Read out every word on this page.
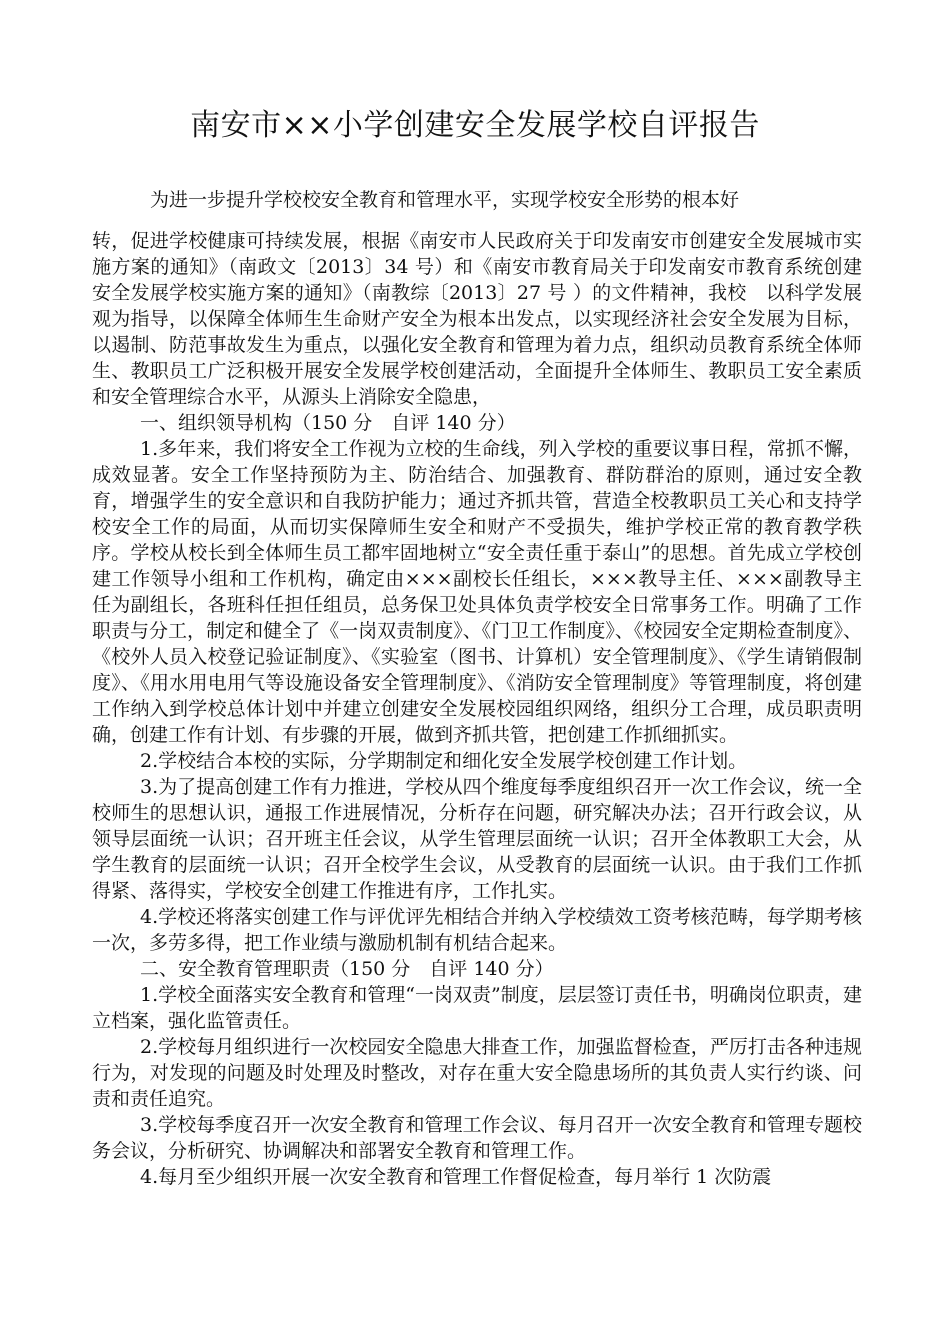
南安市××小学创建安全发展学校自评报告
为进一步提升学校校安全教育和管理水平，实现学校安全形势的根本好

转，促进学校健康可持续发展，根据《南安市人民政府关于印发南安市创建安全发展城市实施方案的通知》（南政文〔2013〕34 号）和《南安市教育局关于印发南安市教育系统创建安全发展学校实施方案的通知》（南教综〔2013〕27 号 ）的文件精神，我校　以科学发展观为指导，以保障全体师生生命财产安全为根本出发点，以实现经济社会安全发展为目标，以遏制、防范事故发生为重点，以强化安全教育和管理为着力点，组织动员教育系统全体师生、教职员工广泛积极开展安全发展学校创建活动，全面提升全体师生、教职员工安全素质和安全管理综合水平，从源头上消除安全隐患，

一、组织领导机构（150 分　自评 140 分）

1.多年来，我们将安全工作视为立校的生命线，列入学校的重要议事日程，常抓不懈，成效显著。安全工作坚持预防为主、防治结合、加强教育、群防群治的原则，通过安全教育，增强学生的安全意识和自我防护能力；通过齐抓共管，营造全校教职员工关心和支持学校安全工作的局面，从而切实保障师生安全和财产不受损失，维护学校正常的教育教学秩序。学校从校长到全体师生员工都牢固地树立“安全责任重于泰山”的思想。首先成立学校创建工作领导小组和工作机构，确定由×××副校长任组长，×××教导主任、×××副教导主任为副组长，各班科任担任组员，总务保卫处具体负责学校安全日常事务工作。明确了工作职责与分工，制定和健全了《一岗双责制度》、《门卫工作制度》、《校园安全定期检查制度》、《校外人员入校登记验证制度》、《实验室（图书、计算机）安全管理制度》、《学生请销假制度》、《用水用电用气等设施设备安全管理制度》、《消防安全管理制度》等管理制度，将创建工作纳入到学校总体计划中并建立创建安全发展校园组织网络，组织分工合理，成员职责明确，创建工作有计划、有步骤的开展，做到齐抓共管，把创建工作抓细抓实。

2.学校结合本校的实际，分学期制定和细化安全发展学校创建工作计划。

3.为了提高创建工作有力推进，学校从四个维度每季度组织召开一次工作会议，统一全校师生的思想认识，通报工作进展情况，分析存在问题，研究解决办法；召开行政会议，从领导层面统一认识；召开班主任会议，从学生管理层面统一认识；召开全体教职工大会，从学生教育的层面统一认识；召开全校学生会议，从受教育的层面统一认识。由于我们工作抓得紧、落得实，学校安全创建工作推进有序，工作扎实。

4.学校还将落实创建工作与评优评先相结合并纳入学校绩效工资考核范畴，每学期考核一次，多劳多得，把工作业绩与激励机制有机结合起来。

二、安全教育管理职责（150 分　自评 140 分）

1.学校全面落实安全教育和管理“一岗双责”制度，层层签订责任书，明确岗位职责，建立档案，强化监管责任。

2.学校每月组织进行一次校园安全隐患大排查工作，加强监督检查，严厉打击各种违规行为，对发现的问题及时处理及时整改，对存在重大安全隐患场所的其负责人实行约谈、问责和责任追究。

3.学校每季度召开一次安全教育和管理工作会议、每月召开一次安全教育和管理专题校务会议，分析研究、协调解决和部署安全教育和管理工作。

4.每月至少组织开展一次安全教育和管理工作督促检查，每月举行 1 次防震
